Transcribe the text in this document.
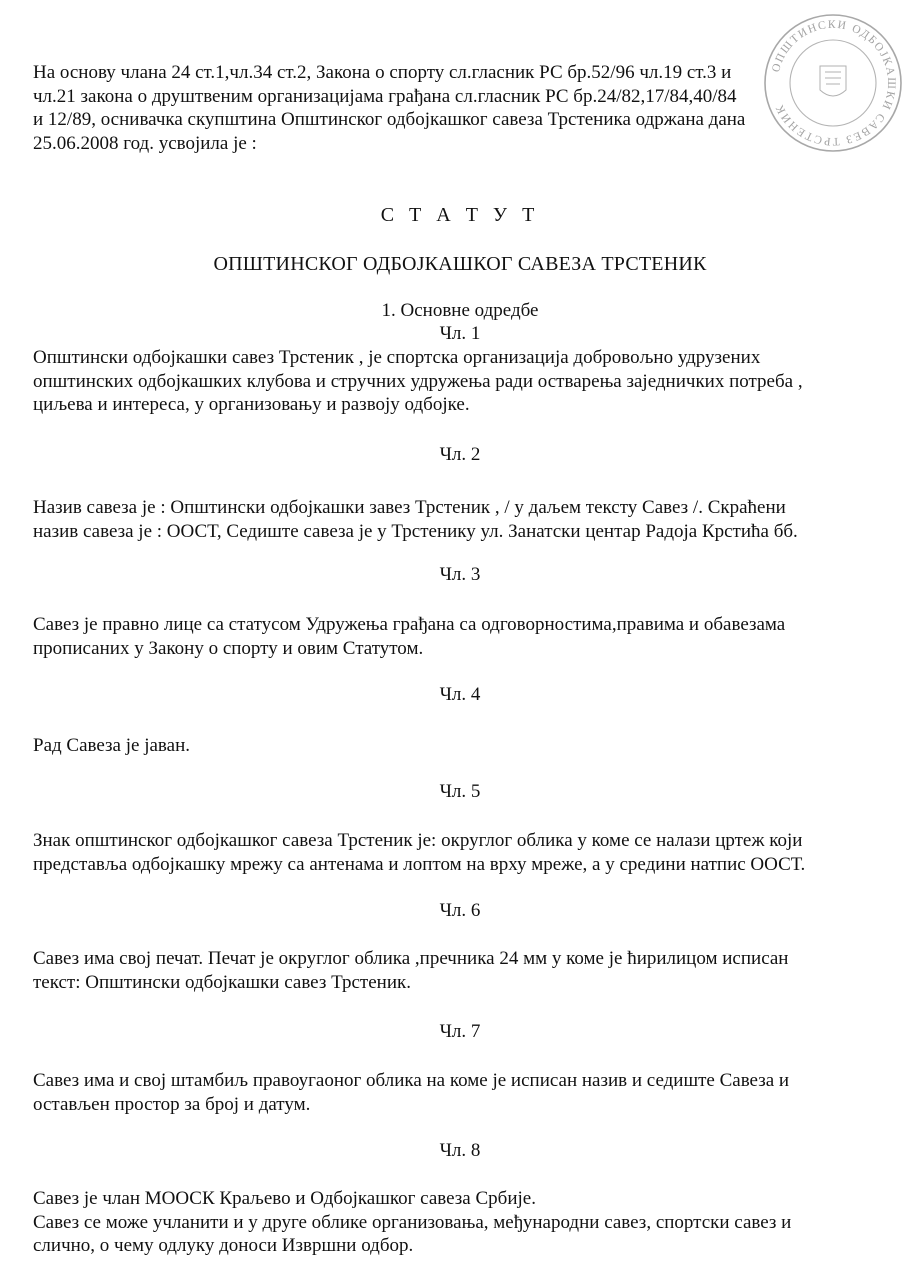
ОПШТИНСКИ ОДБОЈКАШКИ САВЕЗ ТРСТЕНИК
На основу члана 24 ст.1,чл.34 ст.2, Закона о спорту сл.гласник РС бр.52/96 чл.19 ст.3 и
чл.21 закона о друштвеним организацијама грађана сл.гласник РС бр.24/82,17/84,40/84
и 12/89, оснивачка скупштина Општинског одбојкашког савеза Трстеника одржана дана
25.06.2008 год. усвојила је :
С Т А Т У Т
ОПШТИНСКОГ ОДБОЈКАШКОГ САВЕЗА ТРСТЕНИК
1. Основне одредбе
Чл. 1
Општински одбојкашки савез Трстеник , је спортска организација добровољно удрузених
општинских одбојкашких клубова и стручних удружења ради остварења заједничких потреба ,
циљева и интереса, у организовању и развоју одбојке.
Чл. 2
Назив савеза је : Општински одбојкашки завез Трстеник , / у даљем тексту Савез /. Скраћени
назив савеза је : ООСТ, Седиште савеза је у Трстенику ул. Занатски центар Радоја Крстића бб.
Чл. 3
Савез је правно лице са статусом Удружења грађана са одговорностима,правима и обавезама
прописаних у Закону о спорту и овим Статутом.
Чл. 4
Рад Савеза је јаван.
Чл. 5
Знак општинског одбојкашког савеза Трстеник је: округлог облика у коме се налази цртеж који
представља одбојкашку мрежу са антенама и лоптом на врху мреже, а у средини натпис ООСТ.
Чл. 6
Савез има свој печат. Печат је округлог облика ,пречника 24 мм у коме је ћирилицом исписан
текст: Општински одбојкашки савез Трстеник.
Чл. 7
Савез има и свој штамбиљ правоугаоног облика на коме је исписан назив и седиште Савеза и
остављен простор за број и датум.
Чл. 8
Савез је члан МООСК Краљево и Одбојкашког савеза Србије.
Савез се може учланити и у друге облике организовања, међународни савез, спортски савез и
слично, о чему одлуку доноси Извршни одбор.
